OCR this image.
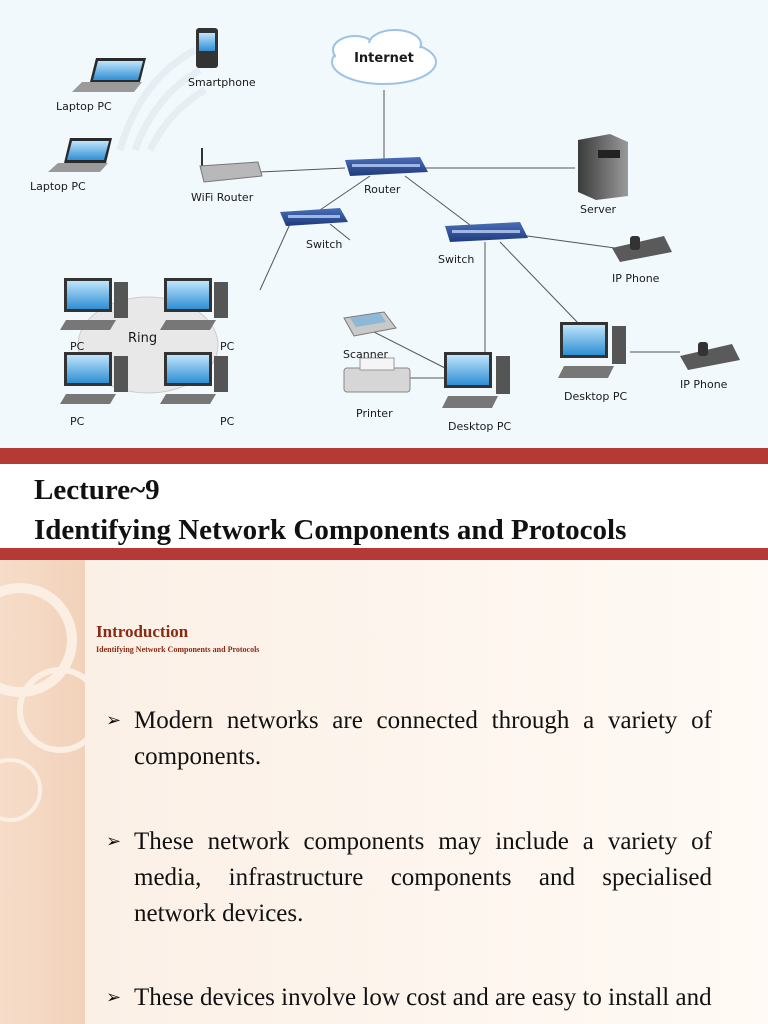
Internet
Smartphone
Laptop PC
Laptop PC
WiFi Router
Router
Server
Switch
Switch
IP Phone
IP Phone
Ring
PC	PC
PC	PC
Scanner
Printer
Desktop PC
Desktop PC
Lecture~9
Identifying Network Components and Protocols
Introduction
Identifying Network Components and Protocols
➢ Modern networks are connected through a variety of components.
➢ These network components may include a variety of media, infrastructure components and specialised network devices.
➢ These devices involve low cost and are easy to install and
